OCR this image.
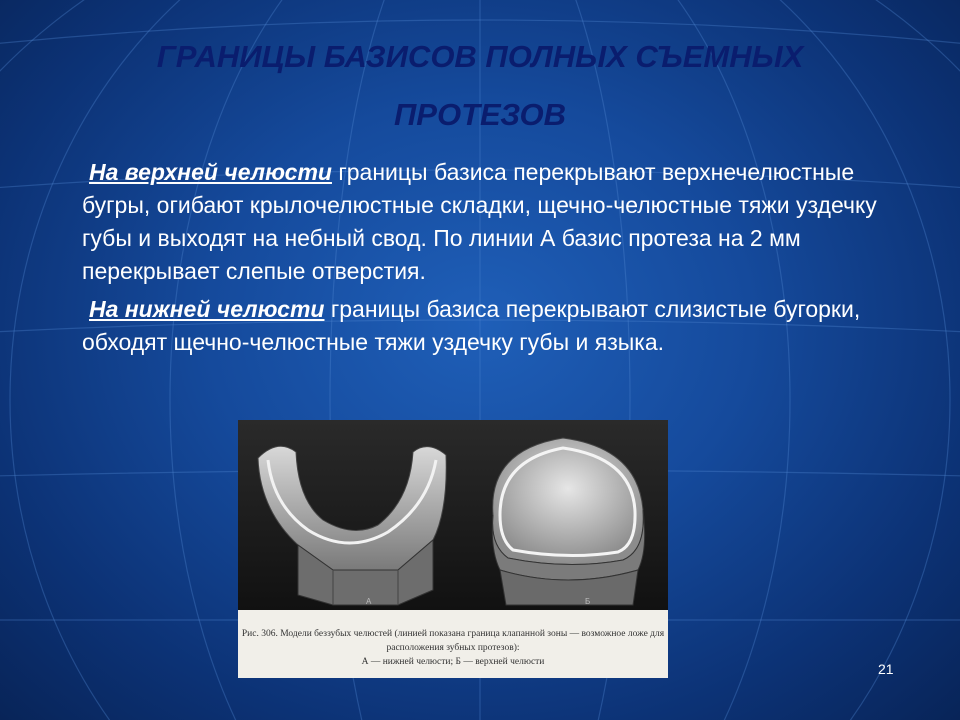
ГРАНИЦЫ БАЗИСОВ ПОЛНЫХ СЪЕМНЫХ
ПРОТЕЗОВ

На верхней челюсти границы базиса перекрывают верхнечелюстные бугры, огибают крылочелюстные складки, щечно-челюстные тяжи уздечку губы и выходят на небный свод. По линии А базис протеза на 2 мм перекрывает слепые отверстия.

На нижней челюсти границы базиса перекрывают слизистые бугорки, обходят щечно-челюстные тяжи уздечку губы и языка.

А	Б
Рис. 306. Модели беззубых челюстей (линией показана граница клапанной зоны — возможное ложе для расположения зубных протезов):
А — нижней челюсти; Б — верхней челюсти	21
